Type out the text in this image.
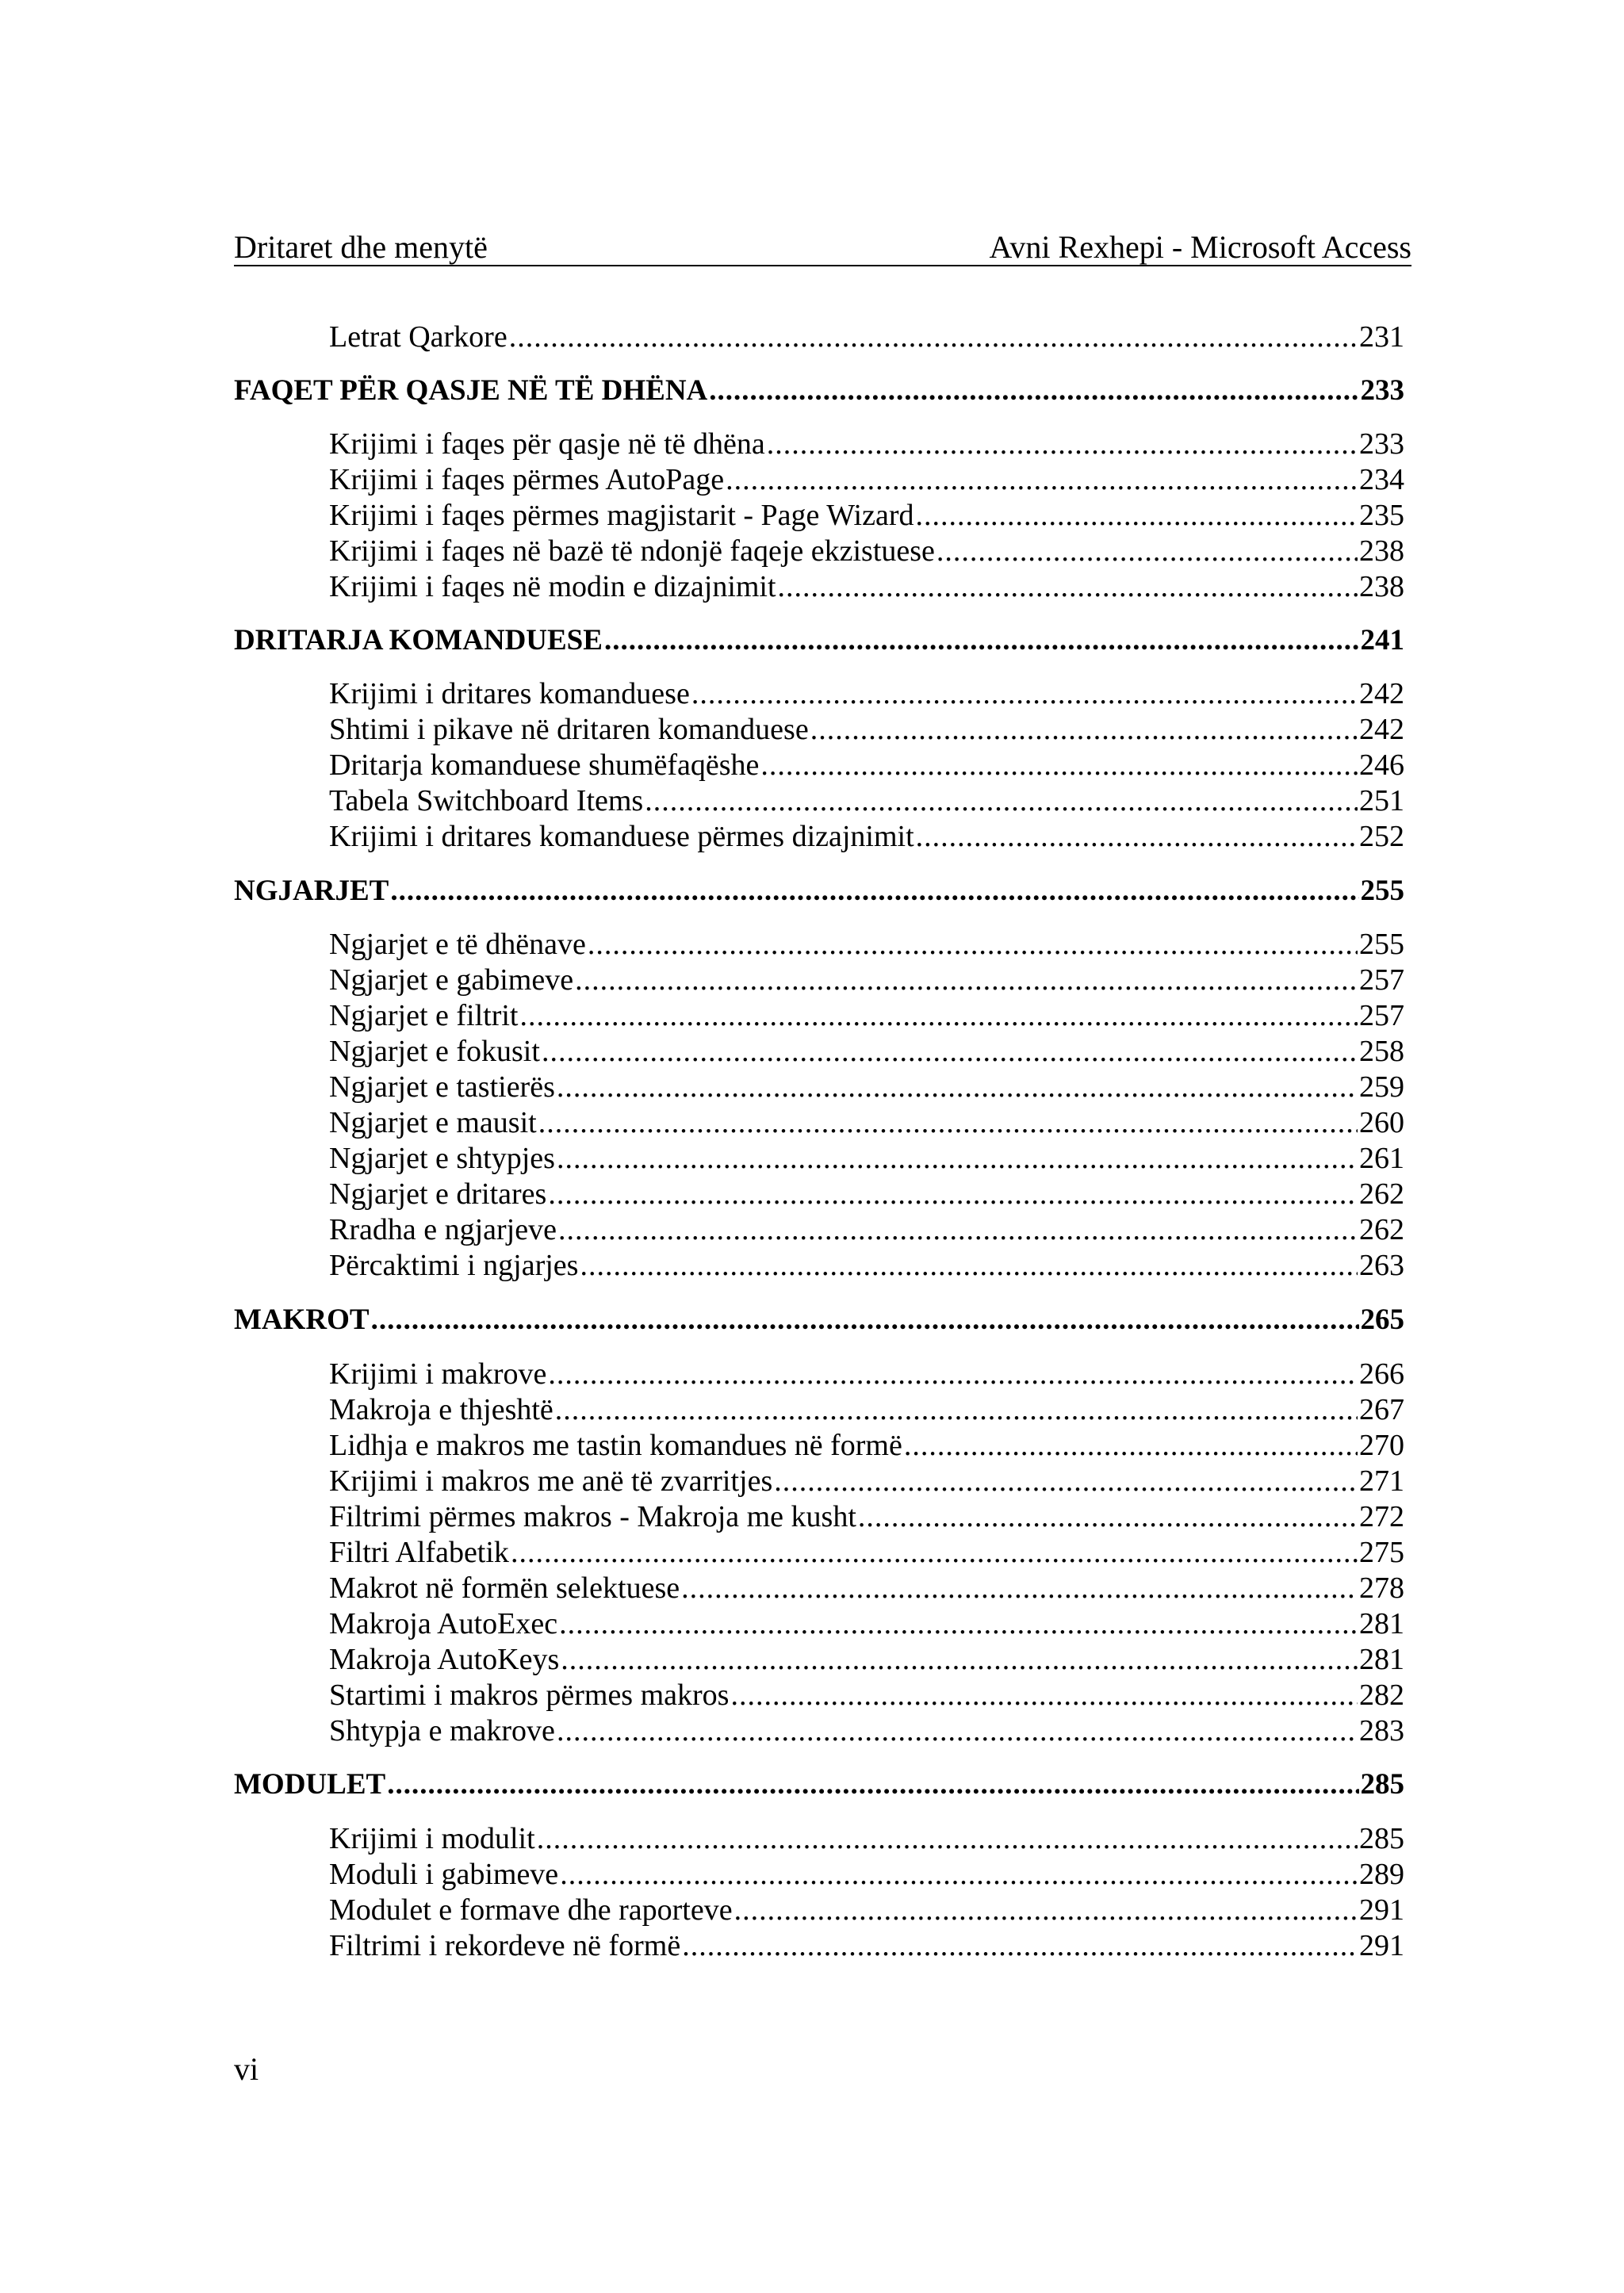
Dritaret dhe menytë	Avni Rexhepi - Microsoft Access
Letrat Qarkore .....	231
FAQET PËR QASJE NË TË DHËNA .....	233
Krijimi i faqes për qasje në të dhëna .....	233
Krijimi i faqes përmes AutoPage .....	234
Krijimi i faqes përmes magjistarit - Page Wizard .....	235
Krijimi i faqes në bazë të ndonjë faqeje ekzistuese .....	238
Krijimi i faqes në modin e dizajnimit .....	238
DRITARJA KOMANDUESE .....	241
Krijimi i dritares komanduese .....	242
Shtimi i pikave në dritaren komanduese .....	242
Dritarja komanduese shumëfaqëshe .....	246
Tabela Switchboard Items .....	251
Krijimi i dritares komanduese përmes dizajnimit .....	252
NGJARJET .....	255
Ngjarjet e të dhënave .....	255
Ngjarjet e gabimeve .....	257
Ngjarjet e filtrit .....	257
Ngjarjet e fokusit .....	258
Ngjarjet e tastierës .....	259
Ngjarjet e mausit .....	260
Ngjarjet e shtypjes .....	261
Ngjarjet e dritares .....	262
Rradha e ngjarjeve .....	262
Përcaktimi i ngjarjes .....	263
MAKROT .....	265
Krijimi i makrove .....	266
Makroja e thjeshtë .....	267
Lidhja e makros me tastin komandues në formë .....	270
Krijimi i makros me anë të zvarritjes .....	271
Filtrimi përmes makros - Makroja me kusht .....	272
Filtri Alfabetik .....	275
Makrot në formën selektuese .....	278
Makroja AutoExec .....	281
Makroja AutoKeys .....	281
Startimi i makros përmes makros .....	282
Shtypja e makrove .....	283
MODULET .....	285
Krijimi i modulit .....	285
Moduli i gabimeve .....	289
Modulet e formave dhe raporteve .....	291
Filtrimi i rekordeve në formë .....	291
vi
